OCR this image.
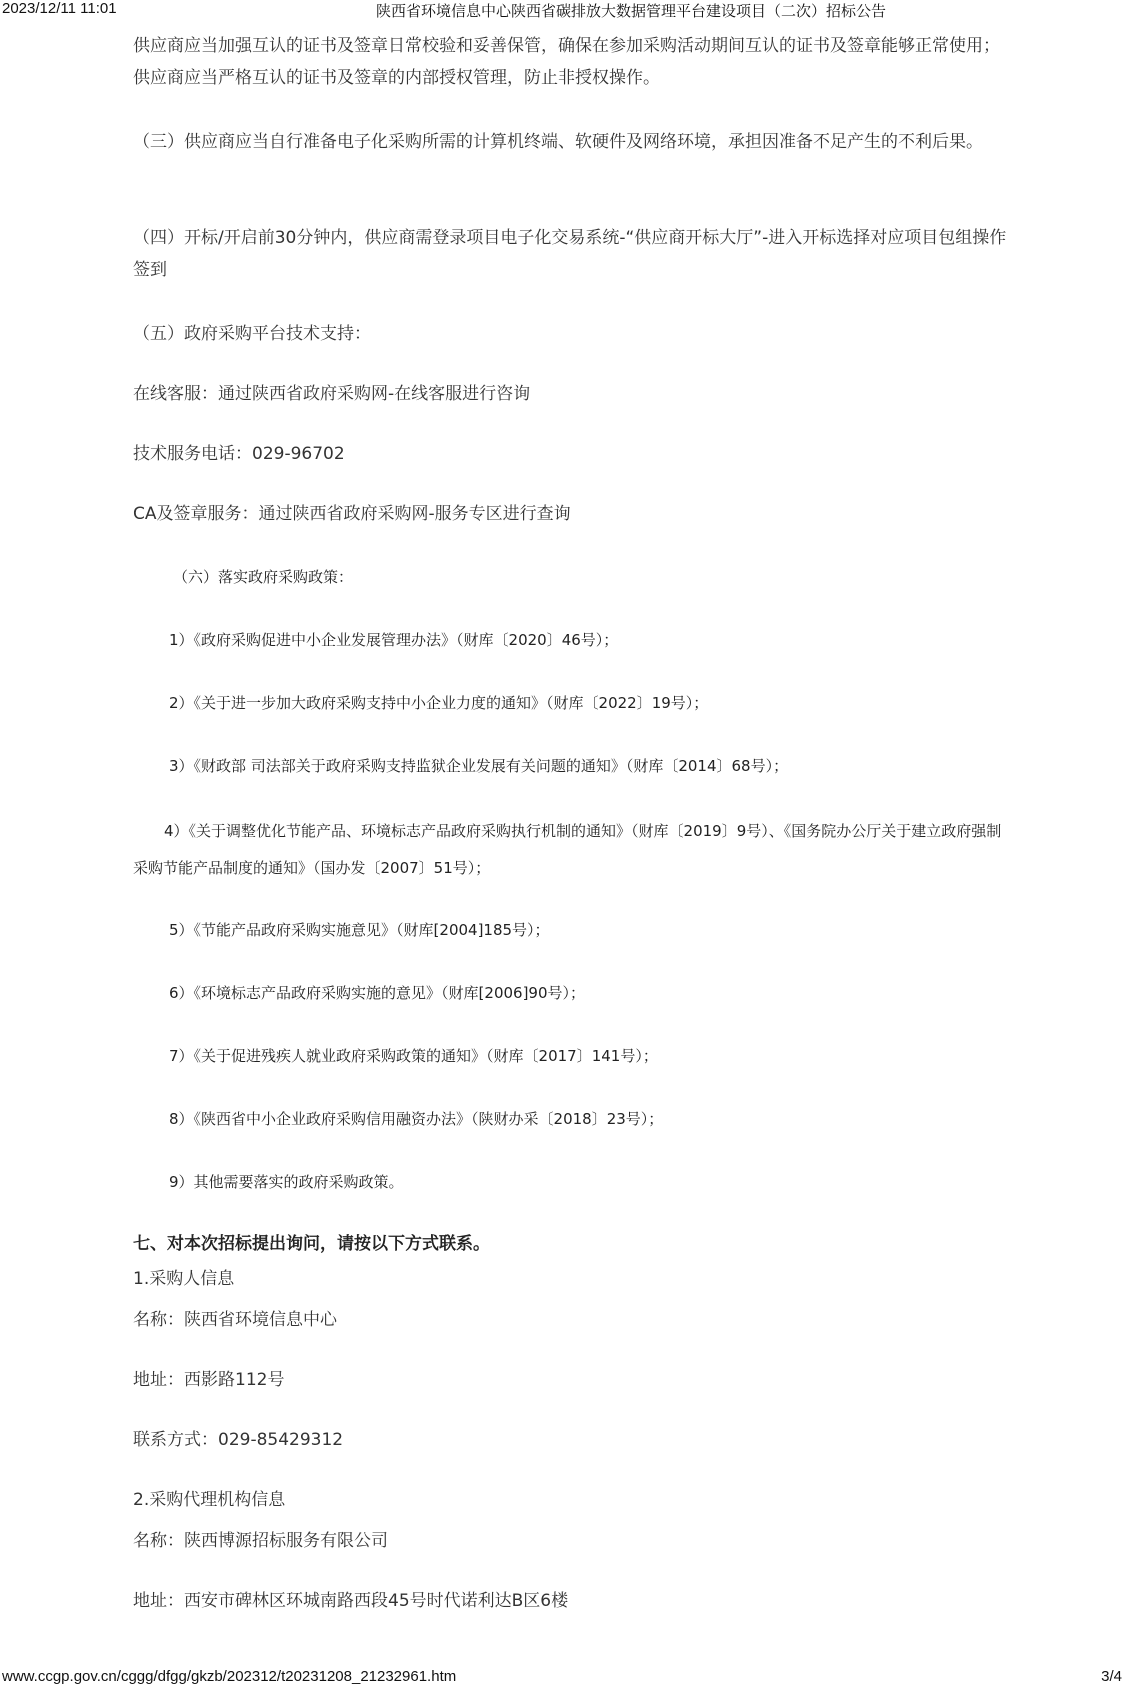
2023/12/11 11:01	陕西省环境信息中心陕西省碳排放大数据管理平台建设项目（二次）招标公告

供应商应当加强互认的证书及签章日常校验和妥善保管，确保在参加采购活动期间互认的证书及签章能够正常使用；供应商应当严格互认的证书及签章的内部授权管理，防止非授权操作。

（三）供应商应当自行准备电子化采购所需的计算机终端、软硬件及网络环境，承担因准备不足产生的不利后果。

（四）开标/开启前30分钟内，供应商需登录项目电子化交易系统-“供应商开标大厅”-进入开标选择对应项目包组操作签到

（五）政府采购平台技术支持：

在线客服：通过陕西省政府采购网-在线客服进行咨询

技术服务电话：029-96702

CA及签章服务：通过陕西省政府采购网-服务专区进行查询

（六）落实政府采购政策：

1）《政府采购促进中小企业发展管理办法》（财库〔2020〕46号）；

2）《关于进一步加大政府采购支持中小企业力度的通知》（财库〔2022〕19号）；

3）《财政部 司法部关于政府采购支持监狱企业发展有关问题的通知》（财库〔2014〕68号）；

4）《关于调整优化节能产品、环境标志产品政府采购执行机制的通知》（财库〔2019〕9号）、《国务院办公厅关于建立政府强制采购节能产品制度的通知》（国办发〔2007〕51号）；

5）《节能产品政府采购实施意见》（财库[2004]185号）；

6）《环境标志产品政府采购实施的意见》（财库[2006]90号）；

7）《关于促进残疾人就业政府采购政策的通知》（财库〔2017〕141号）；

8）《陕西省中小企业政府采购信用融资办法》（陕财办采〔2018〕23号）；

9）其他需要落实的政府采购政策。

七、对本次招标提出询问，请按以下方式联系。

1.采购人信息

名称：陕西省环境信息中心

地址：西影路112号

联系方式：029-85429312

2.采购代理机构信息

名称：陕西博源招标服务有限公司

地址：西安市碑林区环城南路西段45号时代诺利达B区6楼

www.ccgp.gov.cn/cggg/dfgg/gkzb/202312/t20231208_21232961.htm	3/4
